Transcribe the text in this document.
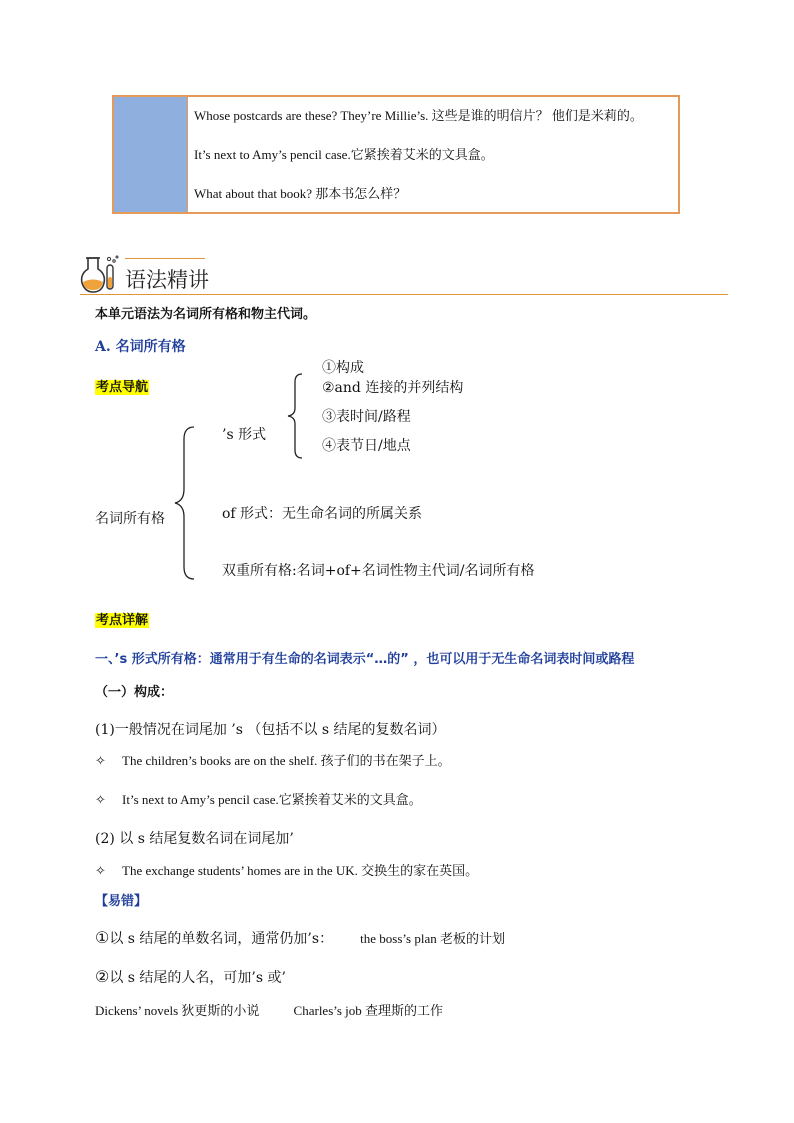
Whose postcards are these? They’re Millie’s. 这些是谁的明信片？ 他们是米莉的。
It’s next to Amy’s pencil case.它紧挨着艾米的文具盒。
What about that book? 那本书怎么样？
语法精讲
本单元语法为名词所有格和物主代词。
A. 名词所有格
考点导航
名词所有格
’s 形式
①构成
②and 连接的并列结构
③表时间/路程
④表节日/地点
of 形式：无生命名词的所属关系
双重所有格:名词+of+名词性物主代词/名词所有格
考点详解
一、’s 形式所有格：通常用于有生命的名词表示“…的” ，也可以用于无生命名词表时间或路程
（一）构成：
(1)一般情况在词尾加 ’s （包括不以 s 结尾的复数名词）
✧ The children’s books are on the shelf. 孩子们的书在架子上。
✧ It’s next to Amy’s pencil case.它紧挨着艾米的文具盒。
(2) 以 s 结尾复数名词在词尾加’
✧ The exchange students’ homes are in the UK. 交换生的家在英国。
【易错】
①以 s 结尾的单数名词，通常仍加’s： the boss’s plan 老板的计划
②以 s 结尾的人名，可加’s 或’
Dickens’ novels 狄更斯的小说	Charles’s job 查理斯的工作
